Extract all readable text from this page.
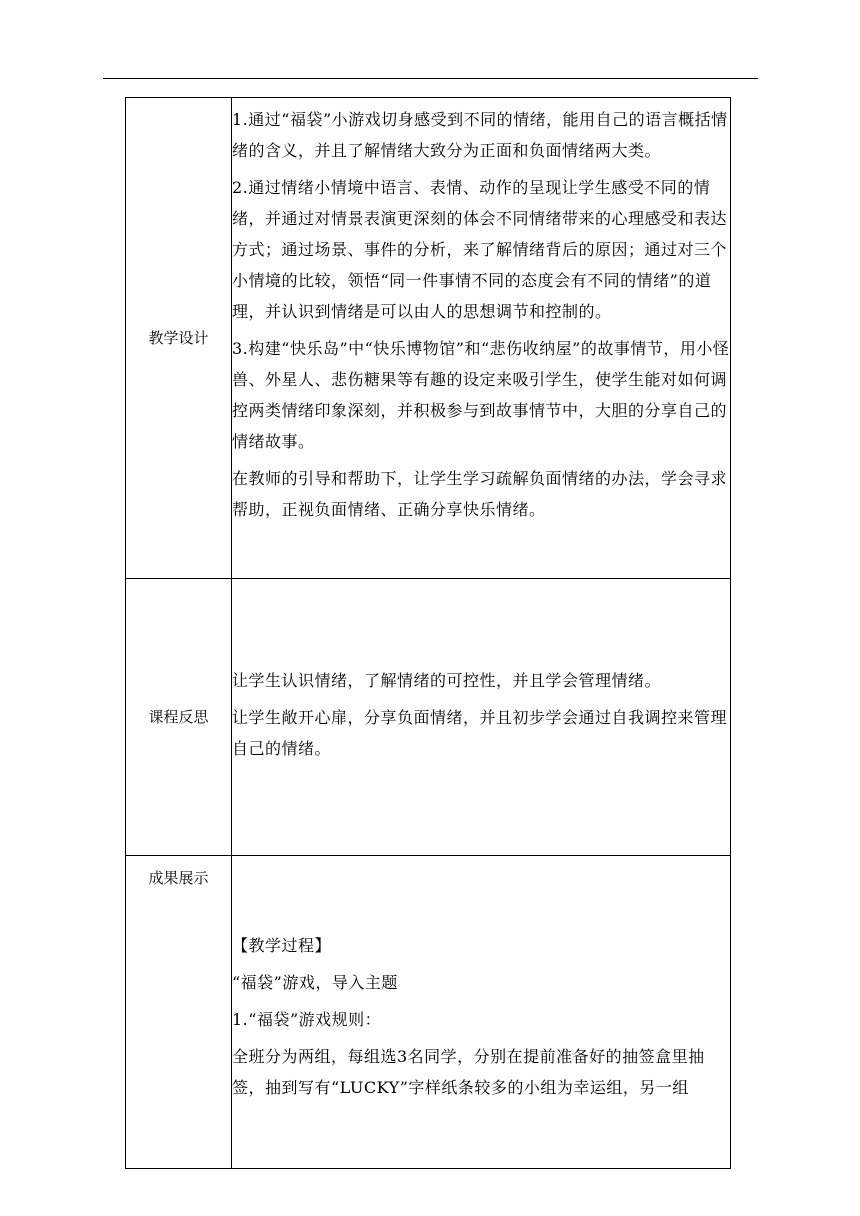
教学设计	1.通过“福袋”小游戏切身感受到不同的情绪，能用自己的语言概括情绪的含义，并且了解情绪大致分为正面和负面情绪两大类。

2.通过情绪小情境中语言、表情、动作的呈现让学生感受不同的情绪，并通过对情景表演更深刻的体会不同情绪带来的心理感受和表达方式；通过场景、事件的分析，来了解情绪背后的原因；通过对三个小情境的比较，领悟“同一件事情不同的态度会有不同的情绪”的道理，并认识到情绪是可以由人的思想调节和控制的。

3.构建“快乐岛”中“快乐博物馆”和“悲伤收纳屋”的故事情节，用小怪兽、外星人、悲伤糖果等有趣的设定来吸引学生，使学生能对如何调控两类情绪印象深刻，并积极参与到故事情节中，大胆的分享自己的情绪故事。

在教师的引导和帮助下，让学生学习疏解负面情绪的办法，学会寻求帮助，正视负面情绪、正确分享快乐情绪。

课程反思	让学生认识情绪，了解情绪的可控性，并且学会管理情绪。

让学生敞开心扉，分享负面情绪，并且初步学会通过自我调控来管理自己的情绪。

成果展示	【教学过程】

“福袋”游戏，导入主题

1.“福袋”游戏规则：

全班分为两组，每组选3名同学，分别在提前准备好的抽签盒里抽签，抽到写有“LUCKY”字样纸条较多的小组为幸运组，另一组
